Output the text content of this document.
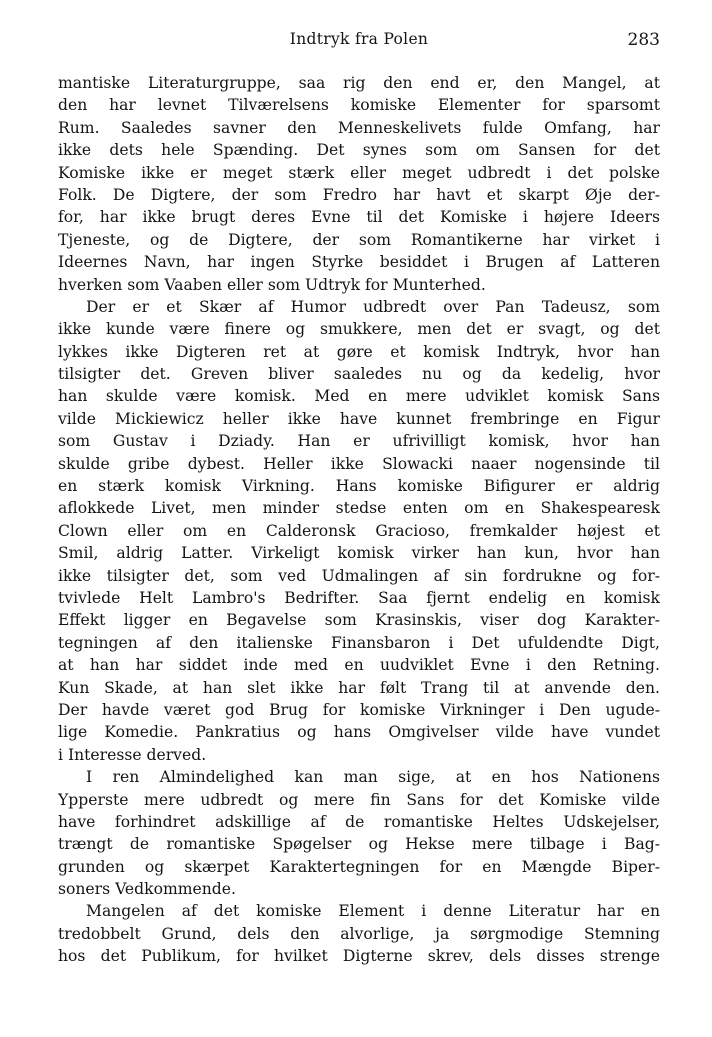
Indtryk fra Polen	283
mantiske Literaturgruppe, saa rig den end er, den Mangel, at
den har levnet Tilværelsens komiske Elementer for sparsomt
Rum. Saaledes savner den Menneskelivets fulde Omfang, har
ikke dets hele Spænding. Det synes som om Sansen for det
Komiske ikke er meget stærk eller meget udbredt i det polske
Folk. De Digtere, der som Fredro har havt et skarpt Øje der-
for, har ikke brugt deres Evne til det Komiske i højere Ideers
Tjeneste, og de Digtere, der som Romantikerne har virket i
Ideernes Navn, har ingen Styrke besiddet i Brugen af Latteren
hverken som Vaaben eller som Udtryk for Munterhed.
Der er et Skær af Humor udbredt over Pan Tadeusz, som
ikke kunde være finere og smukkere, men det er svagt, og det
lykkes ikke Digteren ret at gøre et komisk Indtryk, hvor han
tilsigter det. Greven bliver saaledes nu og da kedelig, hvor
han skulde være komisk. Med en mere udviklet komisk Sans
vilde Mickiewicz heller ikke have kunnet frembringe en Figur
som Gustav i Dziady. Han er ufrivilligt komisk, hvor han
skulde gribe dybest. Heller ikke Slowacki naaer nogensinde til
en stærk komisk Virkning. Hans komiske Bifigurer er aldrig
aflokkede Livet, men minder stedse enten om en Shakespearesk
Clown eller om en Calderonsk Gracioso, fremkalder højest et
Smil, aldrig Latter. Virkeligt komisk virker han kun, hvor han
ikke tilsigter det, som ved Udmalingen af sin fordrukne og for-
tvivlede Helt Lambro's Bedrifter. Saa fjernt endelig en komisk
Effekt ligger en Begavelse som Krasinskis, viser dog Karakter-
tegningen af den italienske Finansbaron i Det ufuldendte Digt,
at han har siddet inde med en uudviklet Evne i den Retning.
Kun Skade, at han slet ikke har følt Trang til at anvende den.
Der havde været god Brug for komiske Virkninger i Den ugude-
lige Komedie. Pankratius og hans Omgivelser vilde have vundet
i Interesse derved.
I ren Almindelighed kan man sige, at en hos Nationens
Ypperste mere udbredt og mere fin Sans for det Komiske vilde
have forhindret adskillige af de romantiske Heltes Udskejelser,
trængt de romantiske Spøgelser og Hekse mere tilbage i Bag-
grunden og skærpet Karaktertegningen for en Mængde Biper-
soners Vedkommende.
Mangelen af det komiske Element i denne Literatur har en
tredobbelt Grund, dels den alvorlige, ja sørgmodige Stemning
hos det Publikum, for hvilket Digterne skrev, dels disses strenge
